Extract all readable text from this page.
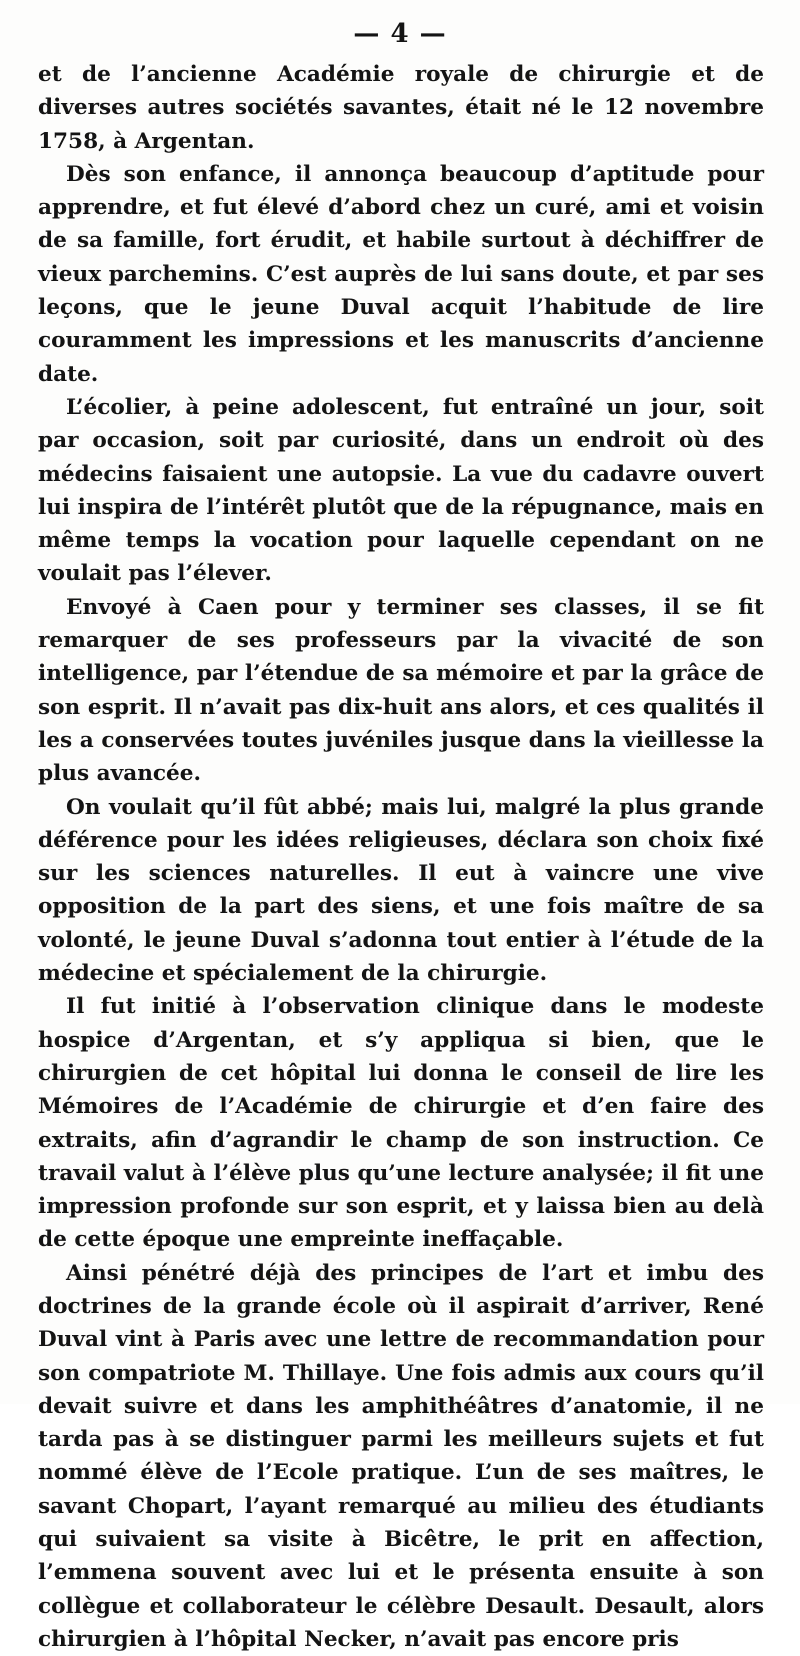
— 4 —

et de l’ancienne Académie royale de chirurgie et de diverses autres sociétés savantes, était né le 12 novembre 1758, à Argentan.

Dès son enfance, il annonça beaucoup d’aptitude pour apprendre, et fut élevé d’abord chez un curé, ami et voisin de sa famille, fort érudit, et habile surtout à déchiffrer de vieux parchemins. C’est auprès de lui sans doute, et par ses leçons, que le jeune Duval acquit l’habitude de lire couramment les impressions et les manuscrits d’ancienne date.

L’écolier, à peine adolescent, fut entraîné un jour, soit par occasion, soit par curiosité, dans un endroit où des médecins faisaient une autopsie. La vue du cadavre ouvert lui inspira de l’intérêt plutôt que de la répugnance, mais en même temps la vocation pour laquelle cependant on ne voulait pas l’élever.

Envoyé à Caen pour y terminer ses classes, il se fit remarquer de ses professeurs par la vivacité de son intelligence, par l’étendue de sa mémoire et par la grâce de son esprit. Il n’avait pas dix-huit ans alors, et ces qualités il les a conservées toutes juvéniles jusque dans la vieillesse la plus avancée.

On voulait qu’il fût abbé; mais lui, malgré la plus grande déférence pour les idées religieuses, déclara son choix fixé sur les sciences naturelles. Il eut à vaincre une vive opposition de la part des siens, et une fois maître de sa volonté, le jeune Duval s’adonna tout entier à l’étude de la médecine et spécialement de la chirurgie.

Il fut initié à l’observation clinique dans le modeste hospice d’Argentan, et s’y appliqua si bien, que le chirurgien de cet hôpital lui donna le conseil de lire les Mémoires de l’Académie de chirurgie et d’en faire des extraits, afin d’agrandir le champ de son instruction. Ce travail valut à l’élève plus qu’une lecture analysée; il fit une impression profonde sur son esprit, et y laissa bien au delà de cette époque une empreinte ineffaçable.

Ainsi pénétré déjà des principes de l’art et imbu des doctrines de la grande école où il aspirait d’arriver, René Duval vint à Paris avec une lettre de recommandation pour son compatriote M. Thillaye. Une fois admis aux cours qu’il devait suivre et dans les amphithéâtres d’anatomie, il ne tarda pas à se distinguer parmi les meilleurs sujets et fut nommé élève de l’Ecole pratique. L’un de ses maîtres, le savant Chopart, l’ayant remarqué au milieu des étudiants qui suivaient sa visite à Bicêtre, le prit en affection, l’emmena souvent avec lui et le présenta ensuite à son collègue et collaborateur le célèbre Desault. Desault, alors chirurgien à l’hôpital Necker, n’avait pas encore pris
